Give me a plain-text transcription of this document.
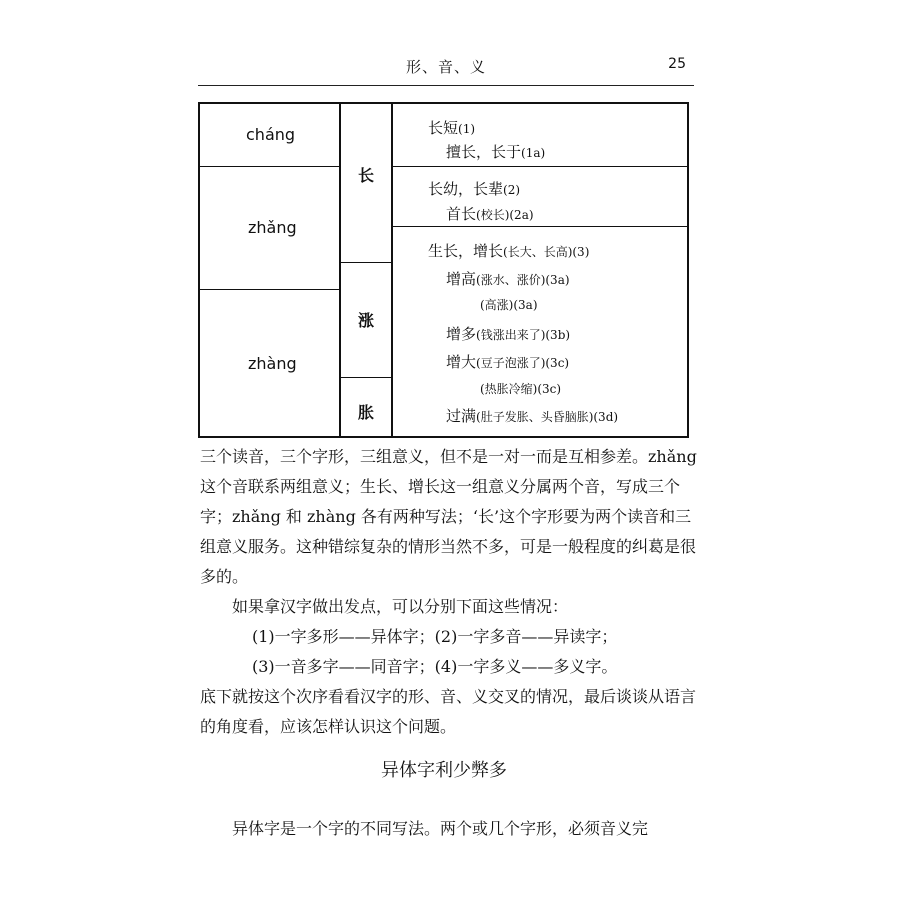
形、音、义	25
cháng
zhǎng
zhàng
长
涨
胀
长短(1)
擅长，长于(1a)
长幼，长辈(2)
首长(校长)(2a)
生长，增长(长大、长高)(3)
增高(涨水、涨价)(3a)
(高涨)(3a)
增多(钱涨出来了)(3b)
增大(豆子泡涨了)(3c)
(热胀冷缩)(3c)
过满(肚子发胀、头昏脑胀)(3d)

三个读音，三个字形，三组意义，但不是一对一而是互相参差。zhǎng 这个音联系两组意义；生长、增长这一组意义分属两个音，写成三个字；zhǎng 和 zhàng 各有两种写法；‘长’这个字形要为两个读音和三组意义服务。这种错综复杂的情形当然不多，可是一般程度的纠葛是很多的。

如果拿汉字做出发点，可以分别下面这些情况：

(1)一字多形——异体字；(2)一字多音——异读字；

(3)一音多字——同音字；(4)一字多义——多义字。

底下就按这个次序看看汉字的形、音、义交叉的情况，最后谈谈从语言的角度看，应该怎样认识这个问题。

异体字利少弊多

异体字是一个字的不同写法。两个或几个字形，必须音义完
